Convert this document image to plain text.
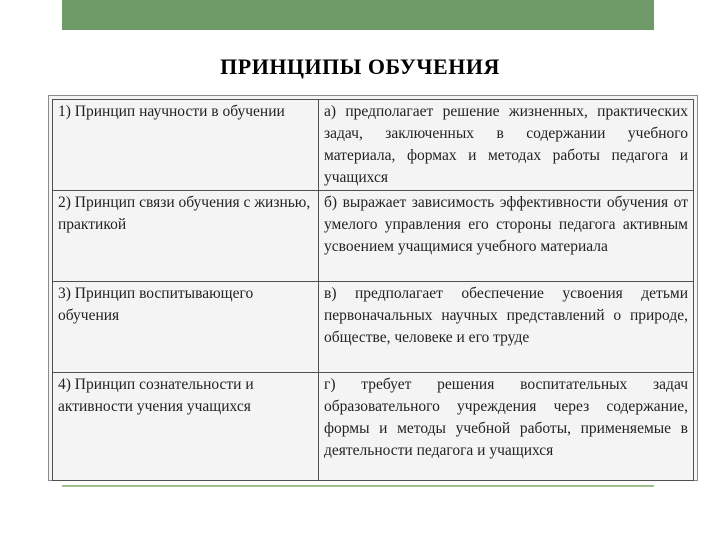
ПРИНЦИПЫ ОБУЧЕНИЯ
1) Принцип научности в обучении	а) предполагает решение жизненных, практических задач, заключенных в содержании учебного материала, формах и методах работы педагога и учащихся
2) Принцип связи обучения с жизнью, практикой	б) выражает зависимость эффективности обучения от умелого управления его стороны педагога активным усвоением учащимися учебного материала
3) Принцип воспитывающего обучения	в) предполагает обеспечение усвоения детьми первоначальных научных представлений о природе, обществе, человеке и его труде
4) Принцип сознательности и активности учения учащихся	г) требует решения воспитательных задач образовательного учреждения через содержание, формы и методы учебной работы, применяемые в деятельности педагога и учащихся
